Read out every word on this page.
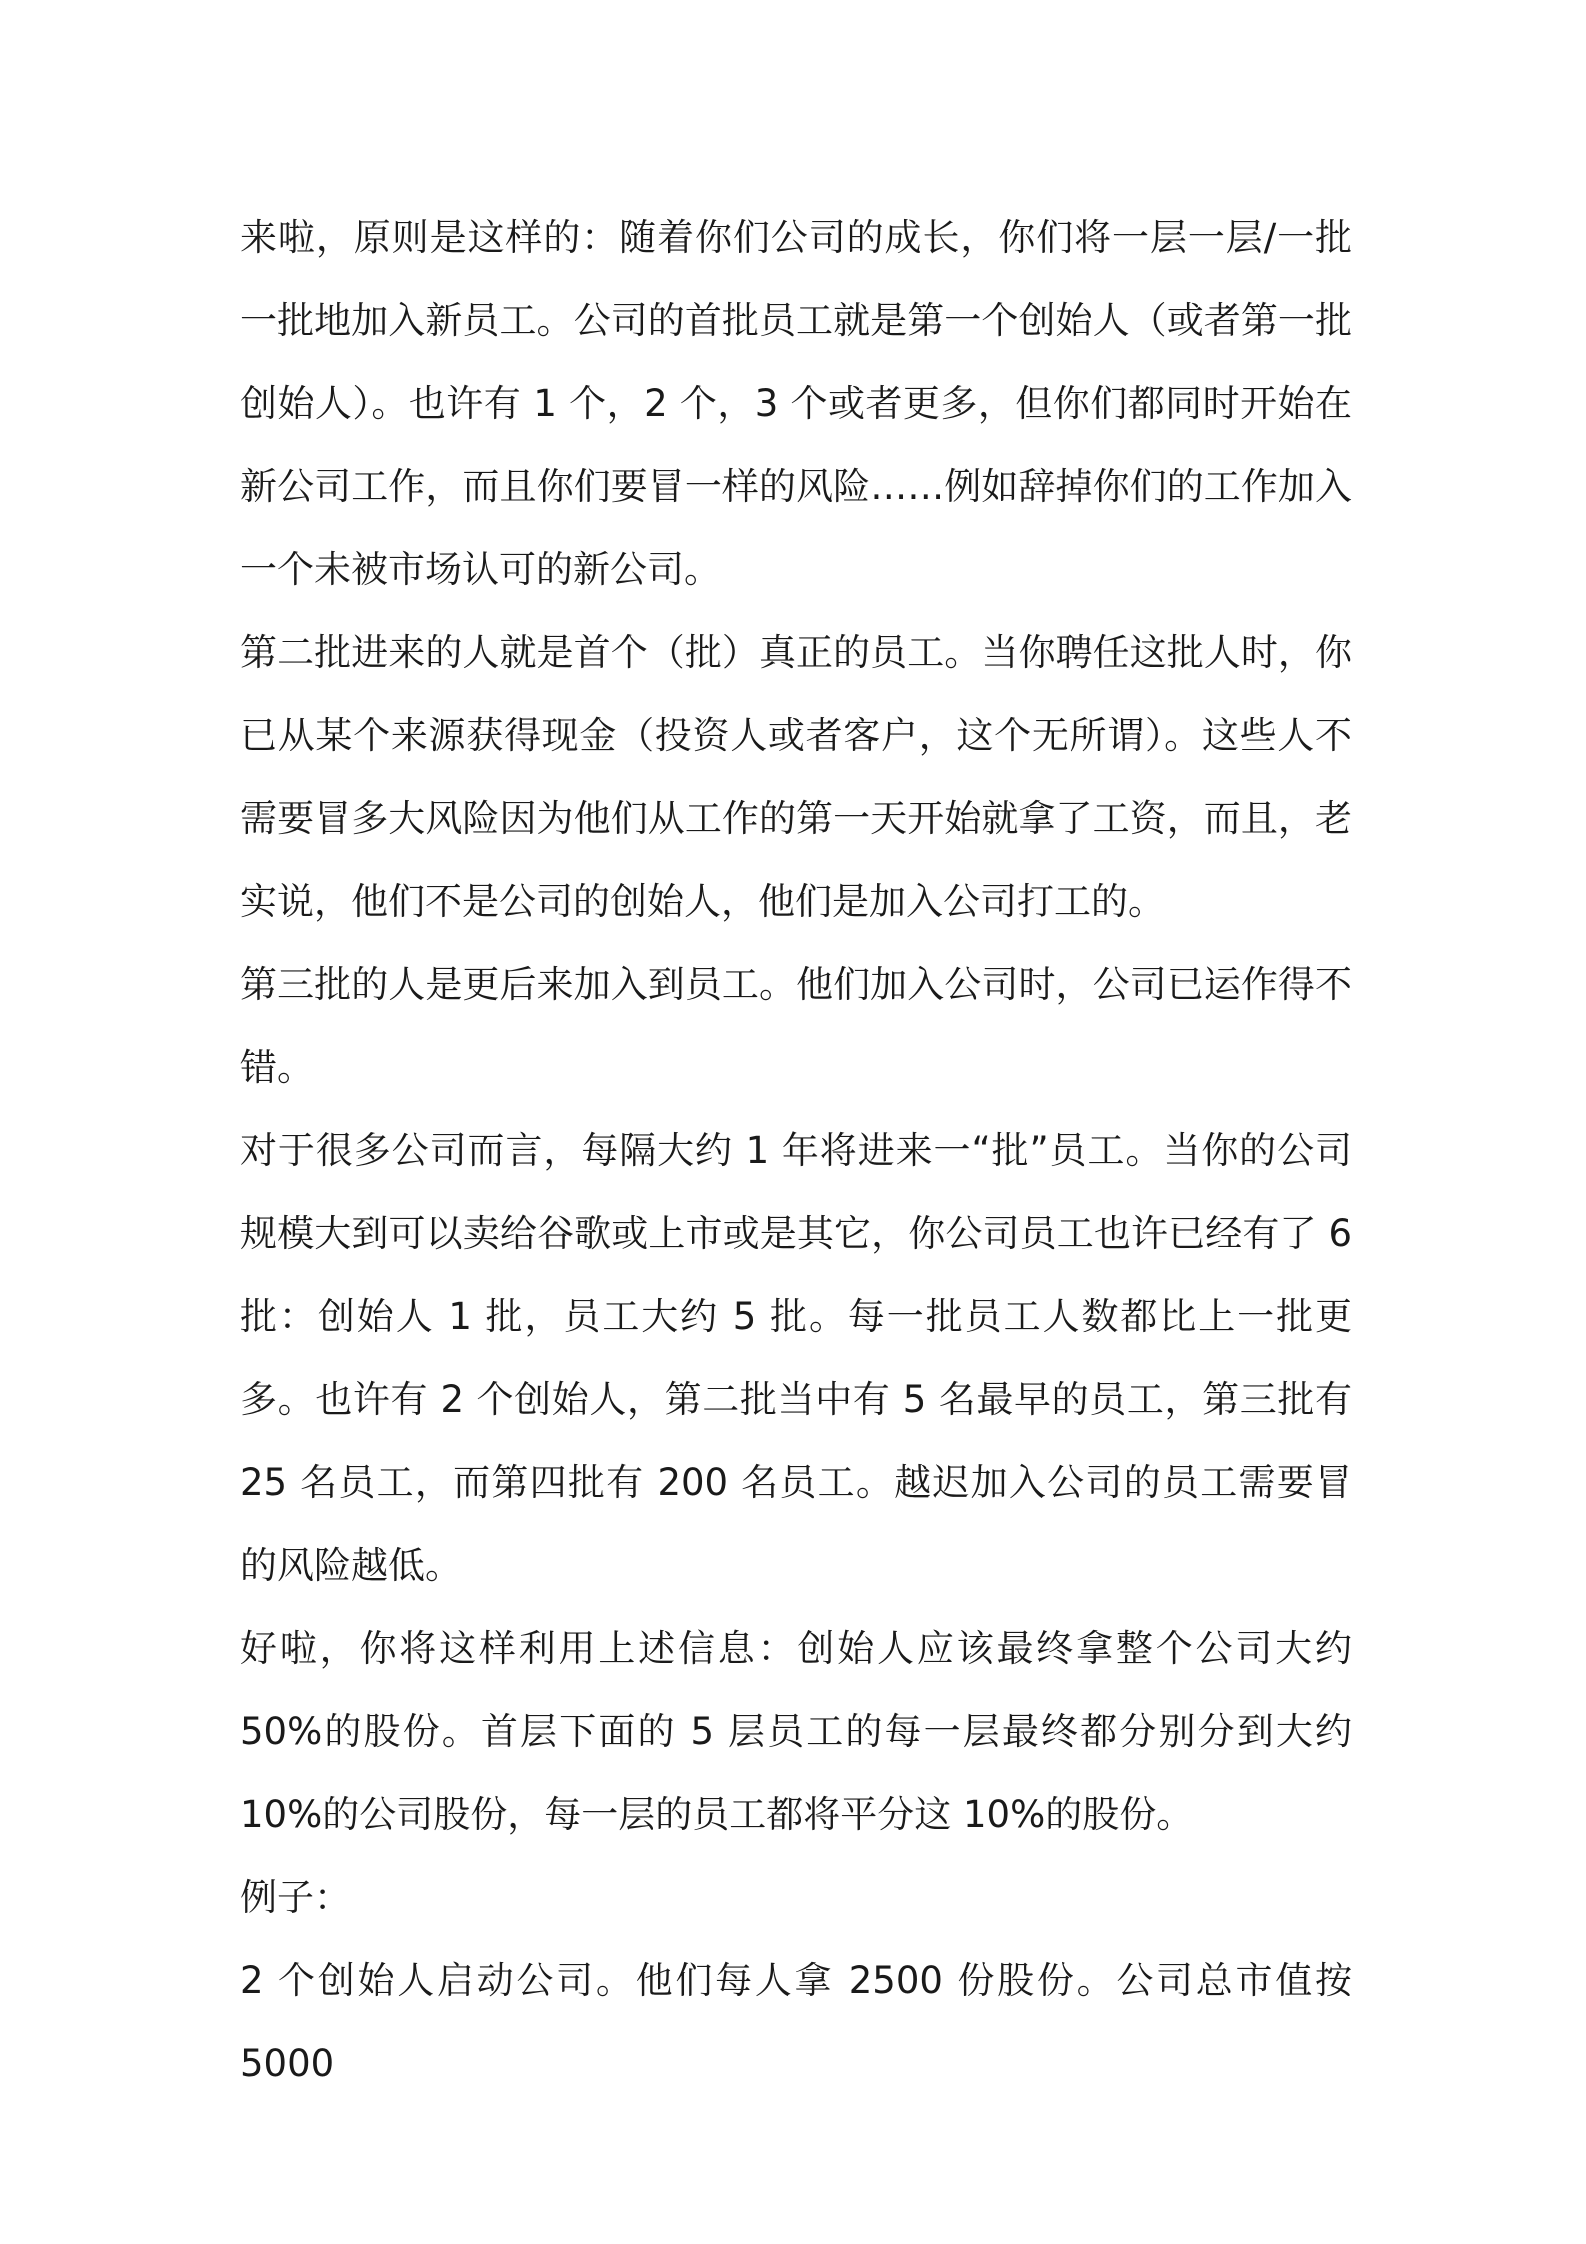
来啦，原则是这样的：随着你们公司的成长，你们将一层一层/一批一批地加入新员工。公司的首批员工就是第一个创始人（或者第一批创始人）。也许有 1 个，2 个，3 个或者更多，但你们都同时开始在新公司工作，而且你们要冒一样的风险……例如辞掉你们的工作加入一个未被市场认可的新公司。

第二批进来的人就是首个（批）真正的员工。当你聘任这批人时，你已从某个来源获得现金（投资人或者客户，这个无所谓）。这些人不需要冒多大风险因为他们从工作的第一天开始就拿了工资，而且，老实说，他们不是公司的创始人，他们是加入公司打工的。

第三批的人是更后来加入到员工。他们加入公司时，公司已运作得不错。

对于很多公司而言，每隔大约 1 年将进来一“批”员工。当你的公司规模大到可以卖给谷歌或上市或是其它，你公司员工也许已经有了 6 批：创始人 1 批，员工大约 5 批。每一批员工人数都比上一批更多。也许有 2 个创始人，第二批当中有 5 名最早的员工，第三批有 25 名员工，而第四批有 200 名员工。越迟加入公司的员工需要冒的风险越低。

好啦，你将这样利用上述信息：创始人应该最终拿整个公司大约 50%的股份。首层下面的 5 层员工的每一层最终都分别分到大约 10%的公司股份，每一层的员工都将平分这 10%的股份。

例子：

2 个创始人启动公司。他们每人拿 2500 份股份。公司总市值按 5000
